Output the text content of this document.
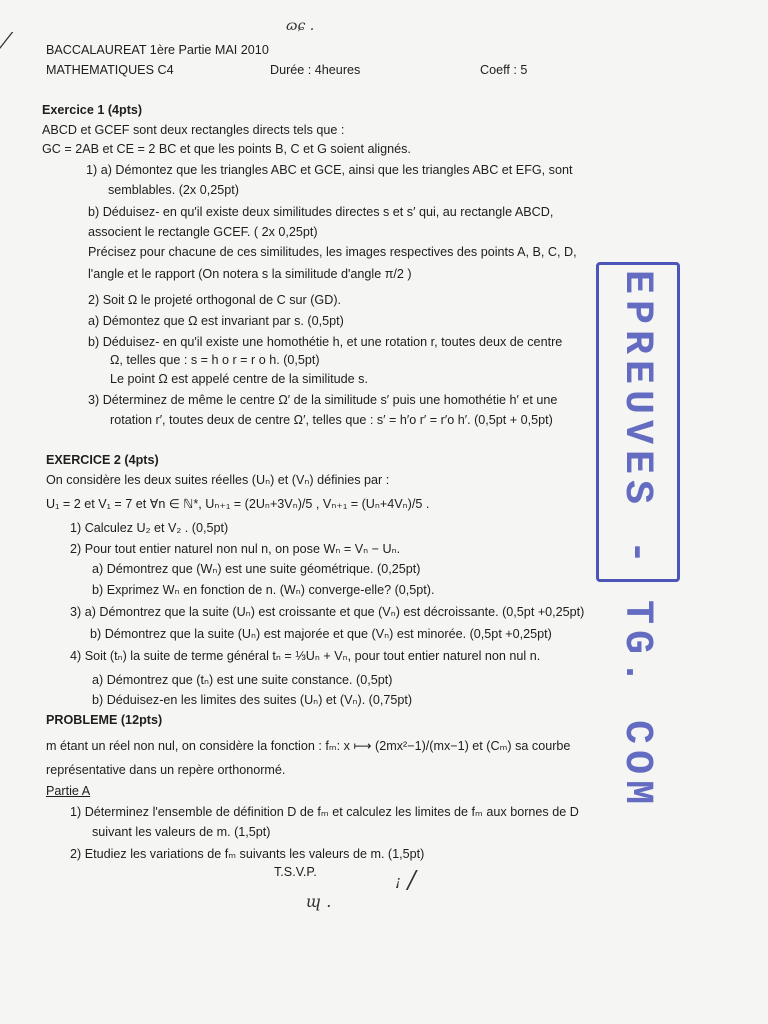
ɷɕ .
⁄	BACCALAUREAT 1ère Partie MAI 2010
MATHEMATIQUES C4	Durée : 4heures	Coeff : 5
Exercice 1 (4pts)
ABCD et GCEF sont deux rectangles directs tels que :
GC = 2AB et CE = 2 BC et que les points B, C et G soient alignés.
1) a) Démontez que les triangles ABC et GCE, ainsi que les triangles ABC et EFG, sont
semblables. (2x 0,25pt)
b) Déduisez- en qu'il existe deux similitudes directes s et s′ qui, au rectangle ABCD,
associent le rectangle GCEF. ( 2x 0,25pt)
Précisez pour chacune de ces similitudes, les images respectives des points A, B, C, D,
l'angle et le rapport (On notera s la similitude d'angle π/2 )
2) Soit Ω le projeté orthogonal de C sur (GD).
a) Démontez que Ω est invariant par s. (0,5pt)
b) Déduisez- en qu'il existe une homothétie h, et une rotation r, toutes deux de centre
Ω, telles que : s = h o r = r o h. (0,5pt)
Le point Ω est appelé centre de la similitude s.
3) Déterminez de même le centre Ω′ de la similitude s′ puis une homothétie h′ et une
rotation r′, toutes deux de centre Ω′, telles que : s′ = h′o r′ = r′o h′. (0,5pt + 0,5pt)
EXERCICE 2 (4pts)
On considère les deux suites réelles (Uₙ) et (Vₙ) définies par :
U₁ = 2 et V₁ = 7 et ∀n ∈ ℕ*, Uₙ₊₁ = (2Uₙ+3Vₙ)/5 , Vₙ₊₁ = (Uₙ+4Vₙ)/5 .
1) Calculez U₂ et V₂ . (0,5pt)
2) Pour tout entier naturel non nul n, on pose Wₙ = Vₙ − Uₙ.
a) Démontrez que (Wₙ) est une suite géométrique. (0,25pt)
b) Exprimez Wₙ en fonction de n. (Wₙ) converge-elle? (0,5pt).
3) a) Démontrez que la suite (Uₙ) est croissante et que (Vₙ) est décroissante. (0,5pt +0,25pt)
b) Démontrez que la suite (Uₙ) est majorée et que (Vₙ) est minorée. (0,5pt +0,25pt)
4) Soit (tₙ) la suite de terme général tₙ = ⅓Uₙ + Vₙ, pour tout entier naturel non nul n.
a) Démontrez que (tₙ) est une suite constance. (0,5pt)
b) Déduisez-en les limites des suites (Uₙ) et (Vₙ). (0,75pt)
PROBLEME (12pts)
m étant un réel non nul, on considère la fonction : fₘ: x ⟼ (2mx²−1)/(mx−1) et (Cₘ) sa courbe
représentative dans un repère orthonormé.
Partie A
1) Déterminez l'ensemble de définition D de fₘ et calculez les limites de fₘ aux bornes de D
suivant les valeurs de m. (1,5pt)
2) Etudiez les variations de fₘ suivants les valeurs de m. (1,5pt)
T.S.V.P.	ꜟ /
ɰ .
EPREUVES - TG. COM
